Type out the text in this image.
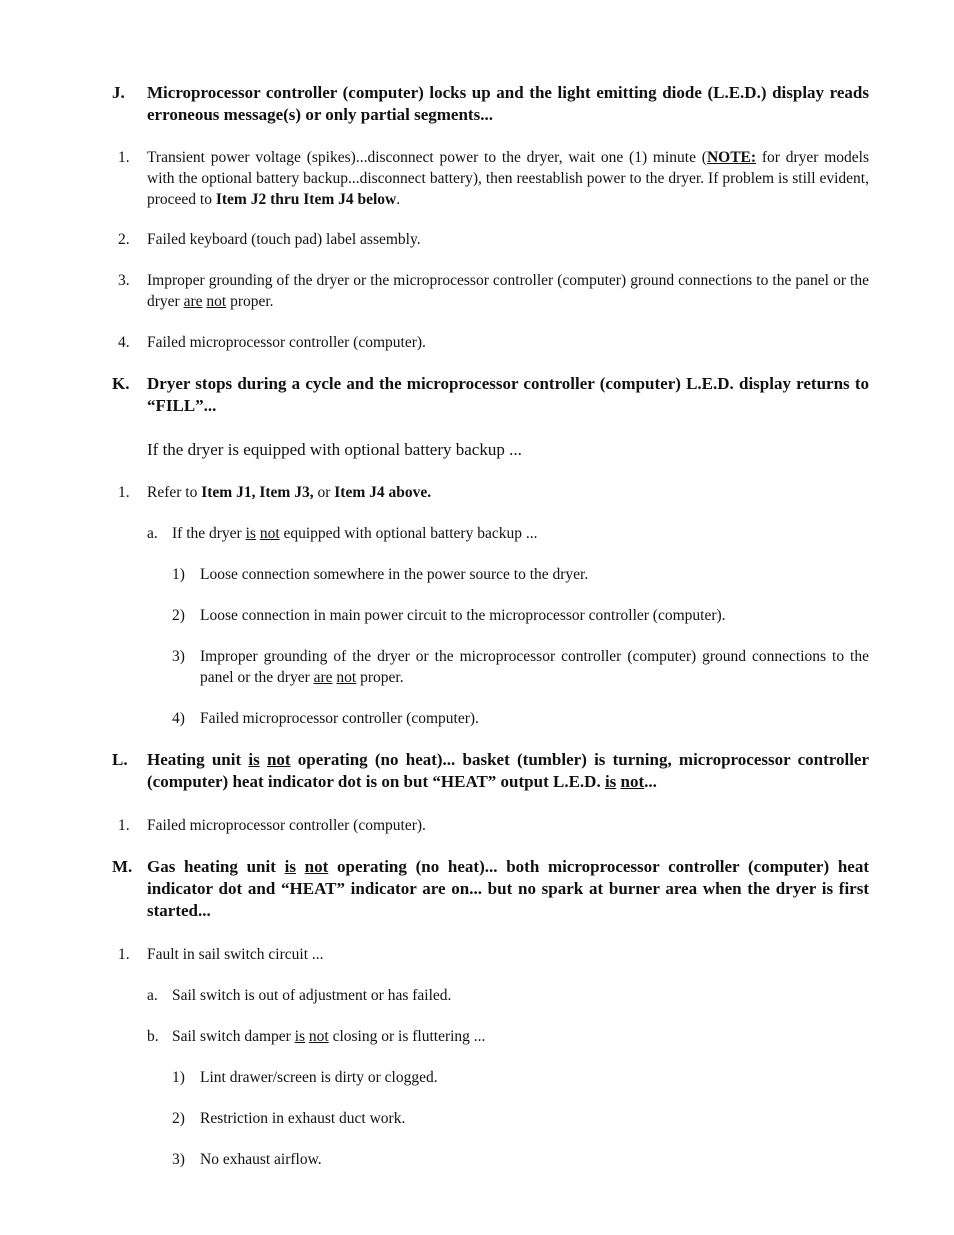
J. Microprocessor controller (computer) locks up and the light emitting diode (L.E.D.) display reads erroneous message(s) or only partial segments...
1. Transient power voltage (spikes)...disconnect power to the dryer, wait one (1) minute (NOTE: for dryer models with the optional battery backup...disconnect battery), then reestablish power to the dryer. If problem is still evident, proceed to Item J2 thru Item J4 below.
2. Failed keyboard (touch pad) label assembly.
3. Improper grounding of the dryer or the microprocessor controller (computer) ground connections to the panel or the dryer are not proper.
4. Failed microprocessor controller (computer).
K. Dryer stops during a cycle and the microprocessor controller (computer) L.E.D. display returns to “FILL”...
If the dryer is equipped with optional battery backup ...
1. Refer to Item J1, Item J3, or Item J4 above.
a. If the dryer is not equipped with optional battery backup ...
1) Loose connection somewhere in the power source to the dryer.
2) Loose connection in main power circuit to the microprocessor controller (computer).
3) Improper grounding of the dryer or the microprocessor controller (computer) ground connections to the panel or the dryer are not proper.
4) Failed microprocessor controller (computer).
L. Heating unit is not operating (no heat)... basket (tumbler) is turning, microprocessor controller (computer) heat indicator dot is on but “HEAT” output L.E.D. is not...
1. Failed microprocessor controller (computer).
M. Gas heating unit is not operating (no heat)... both microprocessor controller (computer) heat indicator dot and “HEAT” indicator are on... but no spark at burner area when the dryer is first started...
1. Fault in sail switch circuit ...
a. Sail switch is out of adjustment or has failed.
b. Sail switch damper is not closing or is fluttering ...
1) Lint drawer/screen is dirty or clogged.
2) Restriction in exhaust duct work.
3) No exhaust airflow.
